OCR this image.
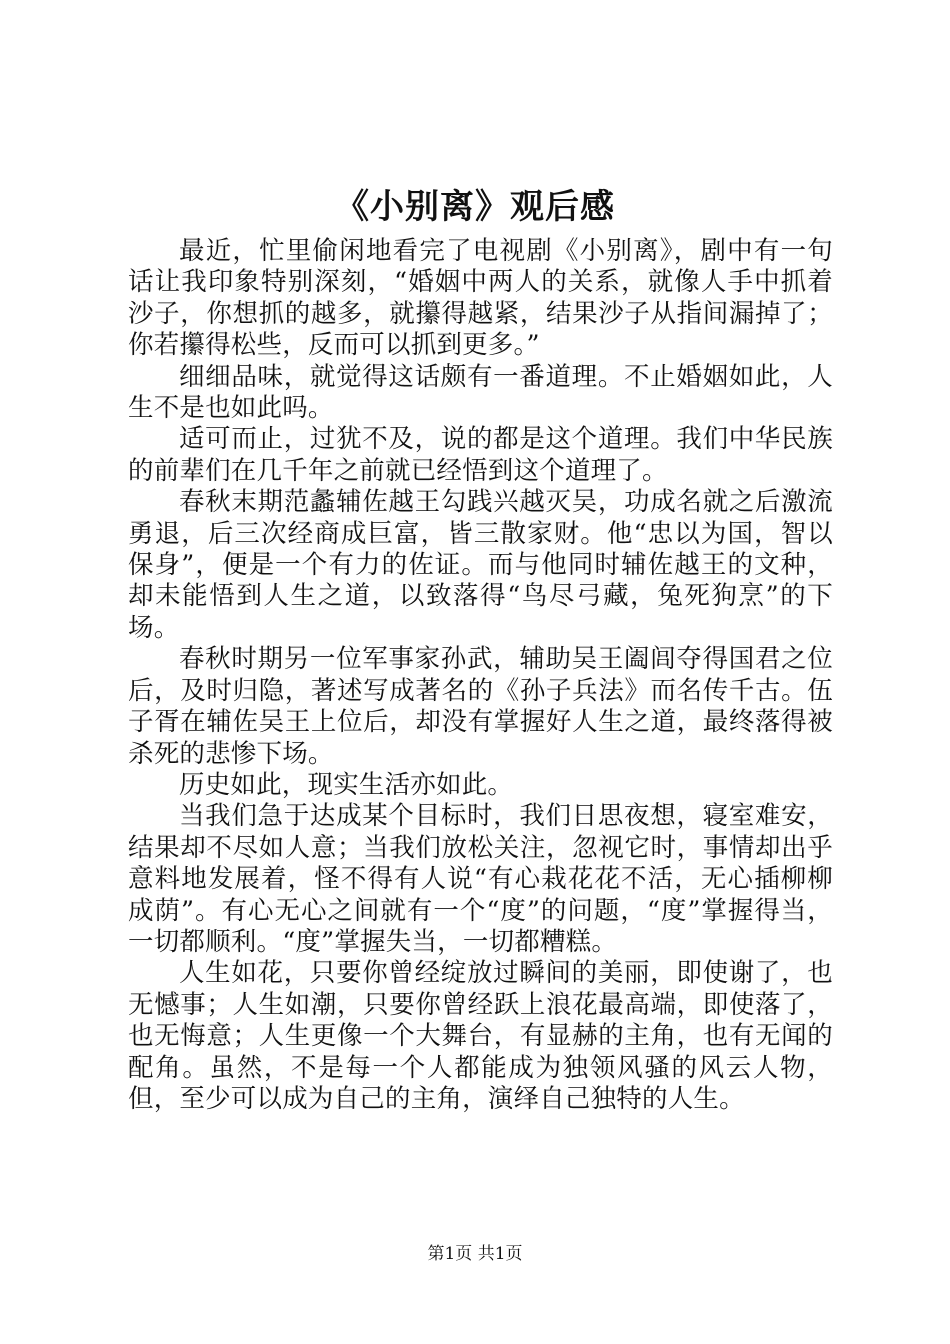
《小别离》观后感

最近，忙里偷闲地看完了电视剧《小别离》，剧中有一句话让我印象特别深刻，“婚姻中两人的关系，就像人手中抓着沙子，你想抓的越多，就攥得越紧，结果沙子从指间漏掉了；你若攥得松些，反而可以抓到更多。”

细细品味，就觉得这话颇有一番道理。不止婚姻如此，人生不是也如此吗。

适可而止，过犹不及，说的都是这个道理。我们中华民族的前辈们在几千年之前就已经悟到这个道理了。

春秋末期范蠡辅佐越王勾践兴越灭吴，功成名就之后激流勇退，后三次经商成巨富，皆三散家财。他“忠以为国，智以保身”，便是一个有力的佐证。而与他同时辅佐越王的文种，却未能悟到人生之道，以致落得“鸟尽弓藏，兔死狗烹”的下场。

春秋时期另一位军事家孙武，辅助吴王阖闾夺得国君之位后，及时归隐，著述写成著名的《孙子兵法》而名传千古。伍子胥在辅佐吴王上位后，却没有掌握好人生之道，最终落得被杀死的悲惨下场。

历史如此，现实生活亦如此。

当我们急于达成某个目标时，我们日思夜想，寝室难安，结果却不尽如人意；当我们放松关注，忽视它时，事情却出乎意料地发展着，怪不得有人说“有心栽花花不活，无心插柳柳成荫”。有心无心之间就有一个“度”的问题，“度”掌握得当，一切都顺利。“度”掌握失当，一切都糟糕。

人生如花，只要你曾经绽放过瞬间的美丽，即使谢了，也无憾事；人生如潮，只要你曾经跃上浪花最高端，即使落了，也无悔意；人生更像一个大舞台，有显赫的主角，也有无闻的配角。虽然，不是每一个人都能成为独领风骚的风云人物，但，至少可以成为自己的主角，演绎自己独特的人生。

第1页 共1页
